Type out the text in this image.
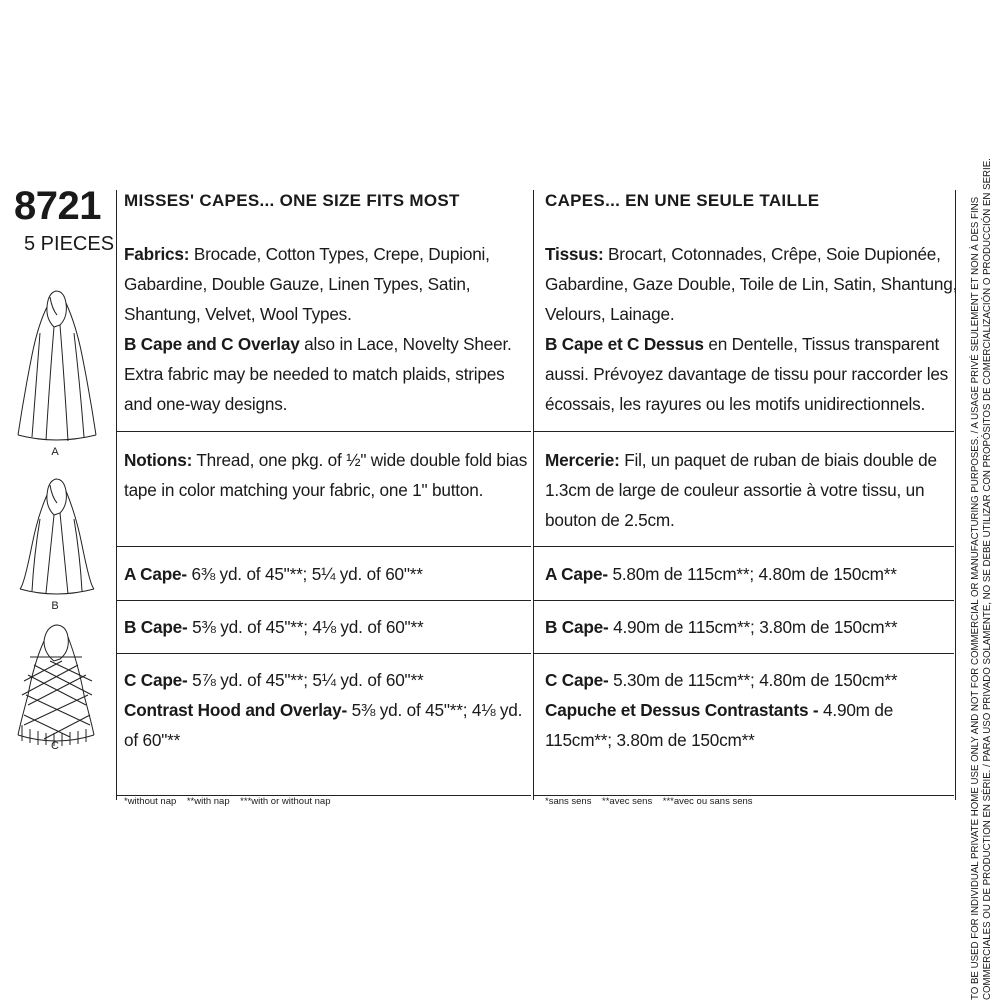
8721
5 PIECES
A
B
C
MISSES' CAPES... ONE SIZE FITS MOST
Fabrics: Brocade, Cotton Types, Crepe, Dupioni,
Gabardine, Double Gauze, Linen Types, Satin,
Shantung, Velvet, Wool Types.
B Cape and C Overlay also in Lace, Novelty Sheer.
Extra fabric may be needed to match plaids, stripes
and one-way designs.
Notions: Thread, one pkg. of ½" wide double fold bias
tape in color matching your fabric, one 1" button.
A Cape- 6⅜ yd. of 45"**; 5¼ yd. of 60"**
B Cape- 5⅜ yd. of 45"**; 4⅛ yd. of 60"**
C Cape- 5⅞ yd. of 45"**; 5¼ yd. of 60"**
Contrast Hood and Overlay- 5⅜ yd. of 45"**; 4⅛ yd.
of 60"**
*without nap    **with nap    ***with or without nap
CAPES... EN UNE SEULE TAILLE
Tissus: Brocart, Cotonnades, Crêpe, Soie Dupionée,
Gabardine, Gaze Double, Toile de Lin, Satin, Shantung,
Velours, Lainage.
B Cape et C Dessus en Dentelle, Tissus transparent
aussi. Prévoyez davantage de tissu pour raccorder les
écossais, les rayures ou les motifs unidirectionnels.
Mercerie: Fil, un paquet de ruban de biais double de
1.3cm de large de couleur assortie à votre tissu, un
bouton de 2.5cm.
A Cape- 5.80m de 115cm**; 4.80m de 150cm**
B Cape- 4.90m de 115cm**; 3.80m de 150cm**
C Cape- 5.30m de 115cm**; 4.80m de 150cm**
Capuche et Dessus Contrastants - 4.90m de
115cm**; 3.80m de 150cm**
*sans sens    **avec sens    ***avec ou sans sens	TO BE USED FOR INDIVIDUAL PRIVATE HOME USE ONLY AND NOT FOR COMMERCIAL OR MANUFACTURING PURPOSES. / A USAGE PRIVÉ SEULEMENT ET NON À DES FINS COMMERCIALES OU DE PRODUCTION EN SÉRIE. / PARA USO PRIVADO SOLAMENTE, NO SE DEBE UTILIZAR CON PROPÓSITOS DE COMERCIALIZACIÓN O PRODUCCIÓN EN SERIE.
